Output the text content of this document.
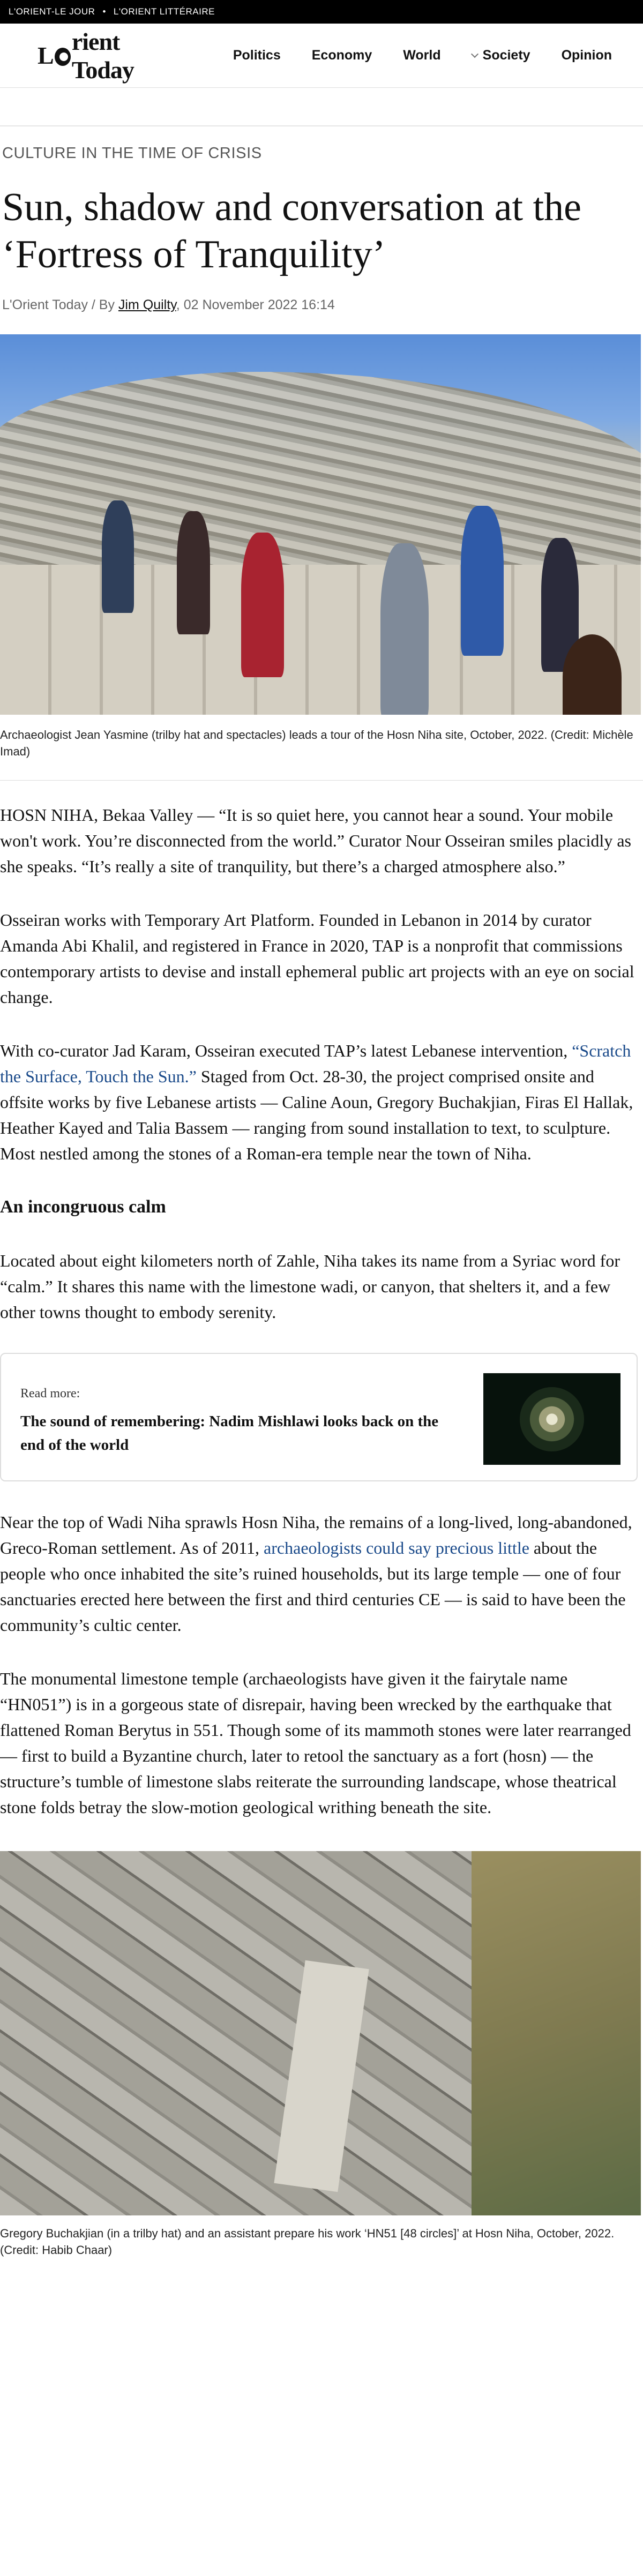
L'ORIENT-LE JOUR • L'ORIENT LITTÉRAIRE
L
rient Today
Politics Economy World	Society Opinion
CULTURE IN THE TIME OF CRISIS
Sun, shadow and conversation at the ‘Fortress of Tranquility’
L'Orient Today / By Jim Quilty, 02 November 2022 16:14
Archaeologist Jean Yasmine (trilby hat and spectacles) leads a tour of the Hosn Niha site, October, 2022. (Credit: Michèle Imad)

HOSN NIHA, Bekaa Valley — “It is so quiet here, you cannot hear a sound. Your mobile won't work. You’re disconnected from the world.” Curator Nour Osseiran smiles placidly as she speaks. “It’s really a site of tranquility, but there’s a charged atmosphere also.”

Osseiran works with Temporary Art Platform. Founded in Lebanon in 2014 by curator Amanda Abi Khalil, and registered in France in 2020, TAP is a nonprofit that commissions contemporary artists to devise and install ephemeral public art projects with an eye on social change.

With co-curator Jad Karam, Osseiran executed TAP’s latest Lebanese intervention, “Scratch the Surface, Touch the Sun.” Staged from Oct. 28-30, the project comprised onsite and offsite works by five Lebanese artists — Caline Aoun, Gregory Buchakjian, Firas El Hallak, Heather Kayed and Talia Bassem — ranging from sound installation to text, to sculpture. Most nestled among the stones of a Roman-era temple near the town of Niha.

An incongruous calm

Located about eight kilometers north of Zahle, Niha takes its name from a Syriac word for “calm.” It shares this name with the limestone wadi, or canyon, that shelters it, and a few other towns thought to embody serenity.

Read more:
The sound of remembering: Nadim Mishlawi looks back on the end of the world

Near the top of Wadi Niha sprawls Hosn Niha, the remains of a long-lived, long-abandoned, Greco-Roman settlement. As of 2011, archaeologists could say precious little about the people who once inhabited the site’s ruined households, but its large temple — one of four sanctuaries erected here between the first and third centuries CE — is said to have been the community’s cultic center.

The monumental limestone temple (archaeologists have given it the fairytale name “HN051”) is in a gorgeous state of disrepair, having been wrecked by the earthquake that flattened Roman Berytus in 551. Though some of its mammoth stones were later rearranged — first to build a Byzantine church, later to retool the sanctuary as a fort (hosn) — the structure’s tumble of limestone slabs reiterate the surrounding landscape, whose theatrical stone folds betray the slow-motion geological writhing beneath the site.

Gregory Buchakjian (in a trilby hat) and an assistant prepare his work ‘HN51 [48 circles]’ at Hosn Niha, October, 2022. (Credit: Habib Chaar)
